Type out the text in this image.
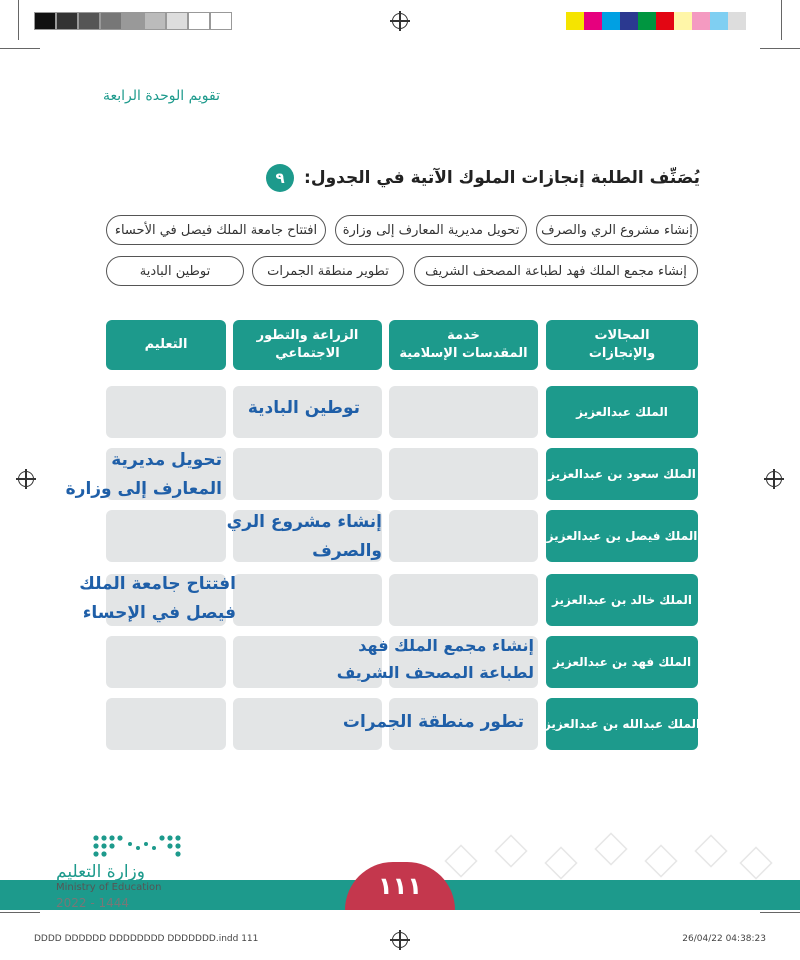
تقويم الوحدة الرابعة
٩	يُصَنِّف الطلبة إنجازات الملوك الآتية في الجدول:
إنشاء مشروع الري والصرف
تحويل مديرية المعارف إلى وزارة
افتتاح جامعة الملك فيصل في الأحساء
إنشاء مجمع الملك فهد لطباعة المصحف الشريف
تطوير منطقة الجمرات
توطين البادية
المجالات
والإنجازات
خدمة
المقدسات الإسلامية
الزراعة والتطور الاجتماعي
التعليم
الملك عبدالعزيز
توطين البادية
الملك سعود بن عبدالعزيز
تحويل مديرية
المعارف إلى وزارة
الملك فيصل بن عبدالعزيز
إنشاء مشروع الري
والصرف
الملك خالد بن عبدالعزيز
افتتاح جامعة الملك
فيصل في الإحساء
الملك فهد بن عبدالعزيز
إنشاء مجمع الملك فهد
لطباعة المصحف الشريف
الملك عبدالله بن عبدالعزيز
تطور منطقة الجمرات
١١١
وزارة التعليم
Ministry of Education
2022 - 1444
DDDD DDDDDD DDDDDDDD DDDDDDD.indd 111	26/04/22 04:38:23
